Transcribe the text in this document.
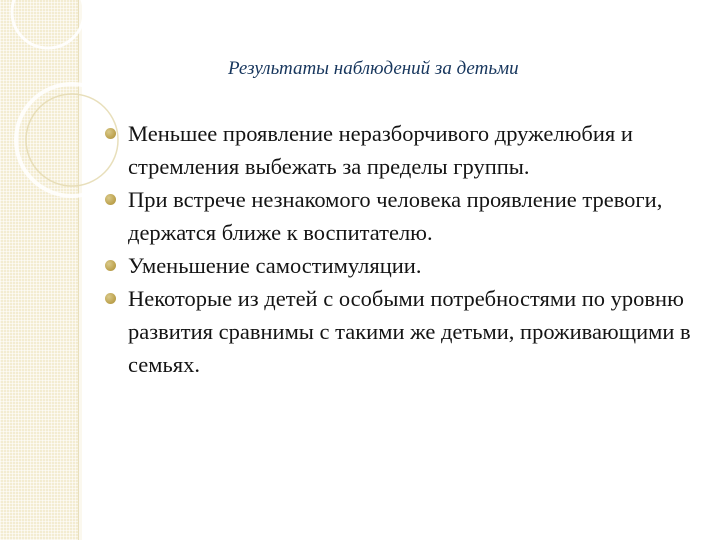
Результаты наблюдений за детьми
Меньшее проявление неразборчивого дружелюбия и стремления выбежать за пределы группы.
При встрече незнакомого человека проявление тревоги, держатся ближе к воспитателю.
Уменьшение самостимуляции.
Некоторые из детей с особыми потребностями по уровню развития сравнимы с такими же детьми, проживающими в семьях.
